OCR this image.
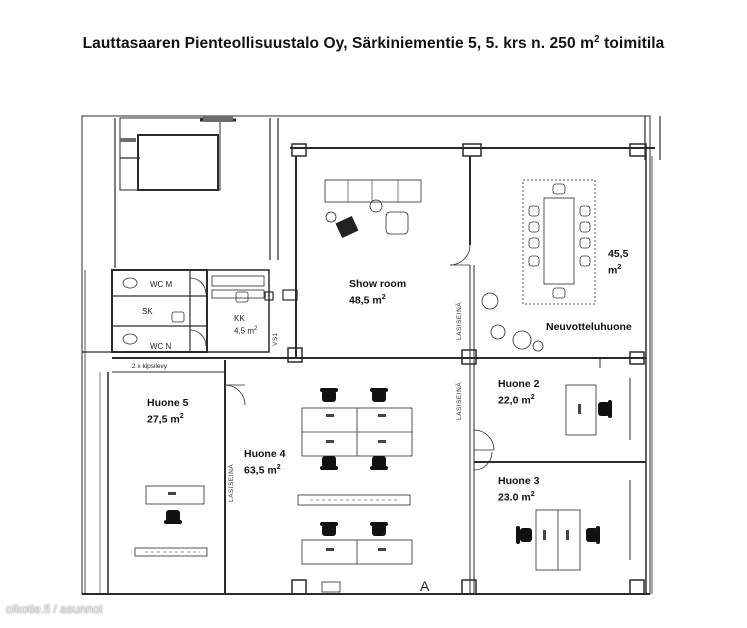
Lauttasaaren Pienteollisuustalo Oy, Särkiniementie 5, 5. krs n. 250 $m^2$ toimitila
Show room
48,5 $m^2$
45,5
$m^2$
Neuvotteluhuone
Huone 2
22,0 $m^2$
Huone 3
23.0 $m^2$
Huone 4
63,5 $m^2$
Huone 5
27,5 $m^2$
KK
4,5 $m^2$
WC M
WC N
SK
2 x kipsilevy
LASISEINÄ
LASISEINÄ
LASISEINÄ
VS1
A
oikotie.fi / asunnot
